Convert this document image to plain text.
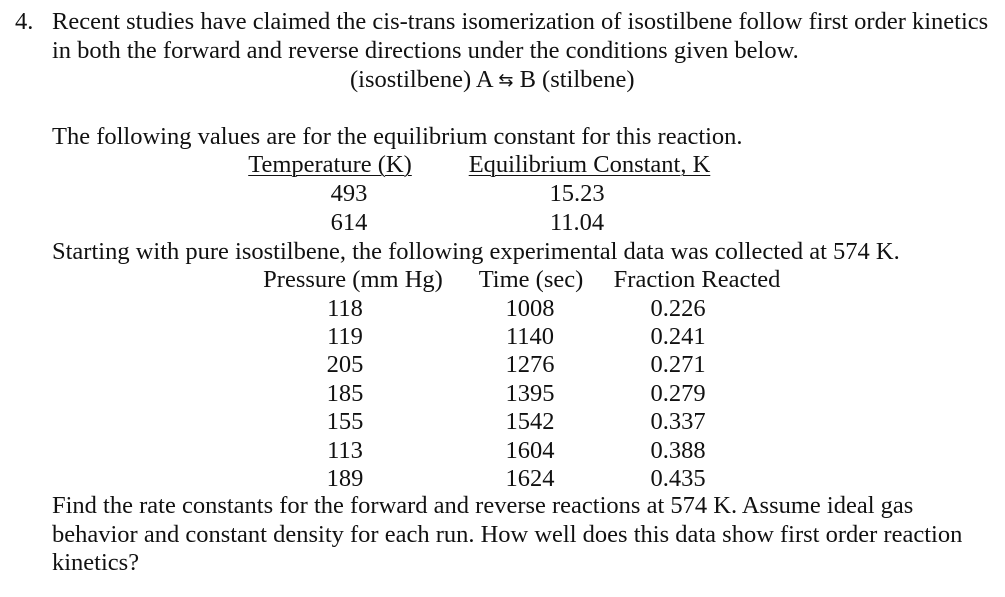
4. Recent studies have claimed the cis-trans isomerization of isostilbene follow first order kinetics
in both the forward and reverse directions under the conditions given below.
(isostilbene) A ⇆ B (stilbene)
The following values are for the equilibrium constant for this reaction.
Temperature (K) Equilibrium Constant, K
493	15.23
614	11.04
Starting with pure isostilbene, the following experimental data was collected at 574 K.
Pressure (mm Hg) Time (sec) Fraction Reacted
118	1008	0.226
119	1140	0.241
205	1276	0.271
185	1395	0.279
155	1542	0.337
113	1604	0.388
189	1624	0.435
Find the rate constants for the forward and reverse reactions at 574 K. Assume ideal gas
behavior and constant density for each run. How well does this data show first order reaction
kinetics?
